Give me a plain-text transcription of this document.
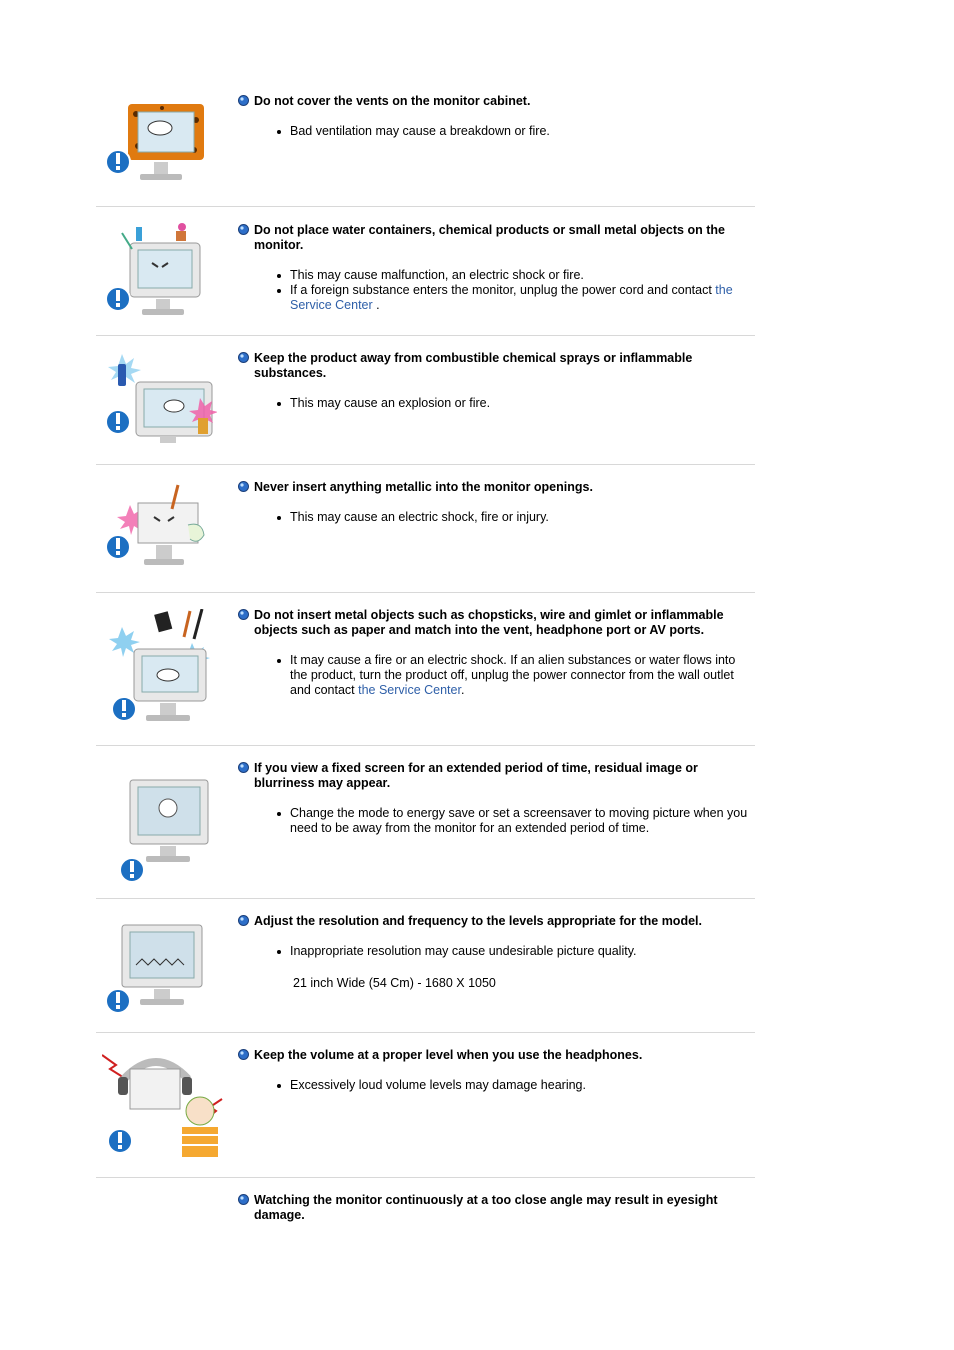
Do not cover the vents on the monitor cabinet.
Bad ventilation may cause a breakdown or fire.
Do not place water containers, chemical products or small metal objects on the monitor.
This may cause malfunction, an electric shock or fire.
If a foreign substance enters the monitor, unplug the power cord and contact the Service Center .
Keep the product away from combustible chemical sprays or inflammable substances.
This may cause an explosion or fire.
Never insert anything metallic into the monitor openings.
This may cause an electric shock, fire or injury.
Do not insert metal objects such as chopsticks, wire and gimlet or inflammable objects such as paper and match into the vent, headphone port or AV ports.
It may cause a fire or an electric shock. If an alien substances or water flows into the product, turn the product off, unplug the power connector from the wall outlet and contact the Service Center.
If you view a fixed screen for an extended period of time, residual image or blurriness may appear.
Change the mode to energy save or set a screensaver to moving picture when you need to be away from the monitor for an extended period of time.
Adjust the resolution and frequency to the levels appropriate for the model.
Inappropriate resolution may cause undesirable picture quality.
21 inch Wide (54 Cm) - 1680 X 1050
Keep the volume at a proper level when you use the headphones.
Excessively loud volume levels may damage hearing.
Watching the monitor continuously at a too close angle may result in eyesight damage.
